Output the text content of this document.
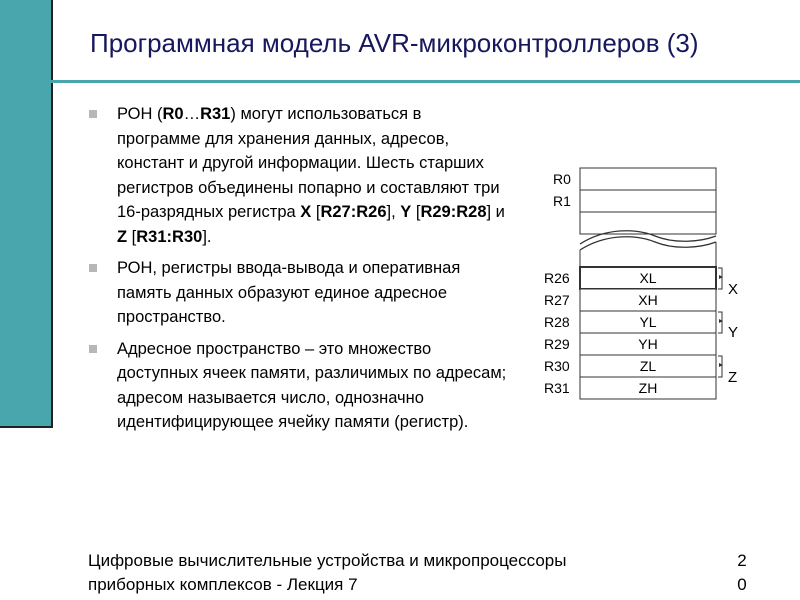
Программная модель AVR-микроконтроллеров (3)
РОН (R0…R31) могут использоваться в программе для хранения данных, адресов, констант и другой информации. Шесть старших регистров объединены попарно и составляют три 16-разрядных регистра X [R27:R26], Y [R29:R28] и Z [R31:R30].
РОН, регистры ввода-вывода и оперативная память данных образуют единое адресное пространство.
Адресное пространство – это множество доступных ячеек памяти, различимых по адресам; адресом называется число, однозначно идентифицирующее ячейку памяти (регистр).
R0
R1
R26	XL
R27	XH
R28	YL
R29	YH
R30	ZL
R31	ZH
X
Y
Z
Цифровые вычислительные устройства и микропроцессоры
приборных комплексов - Лекция 7
2
0
